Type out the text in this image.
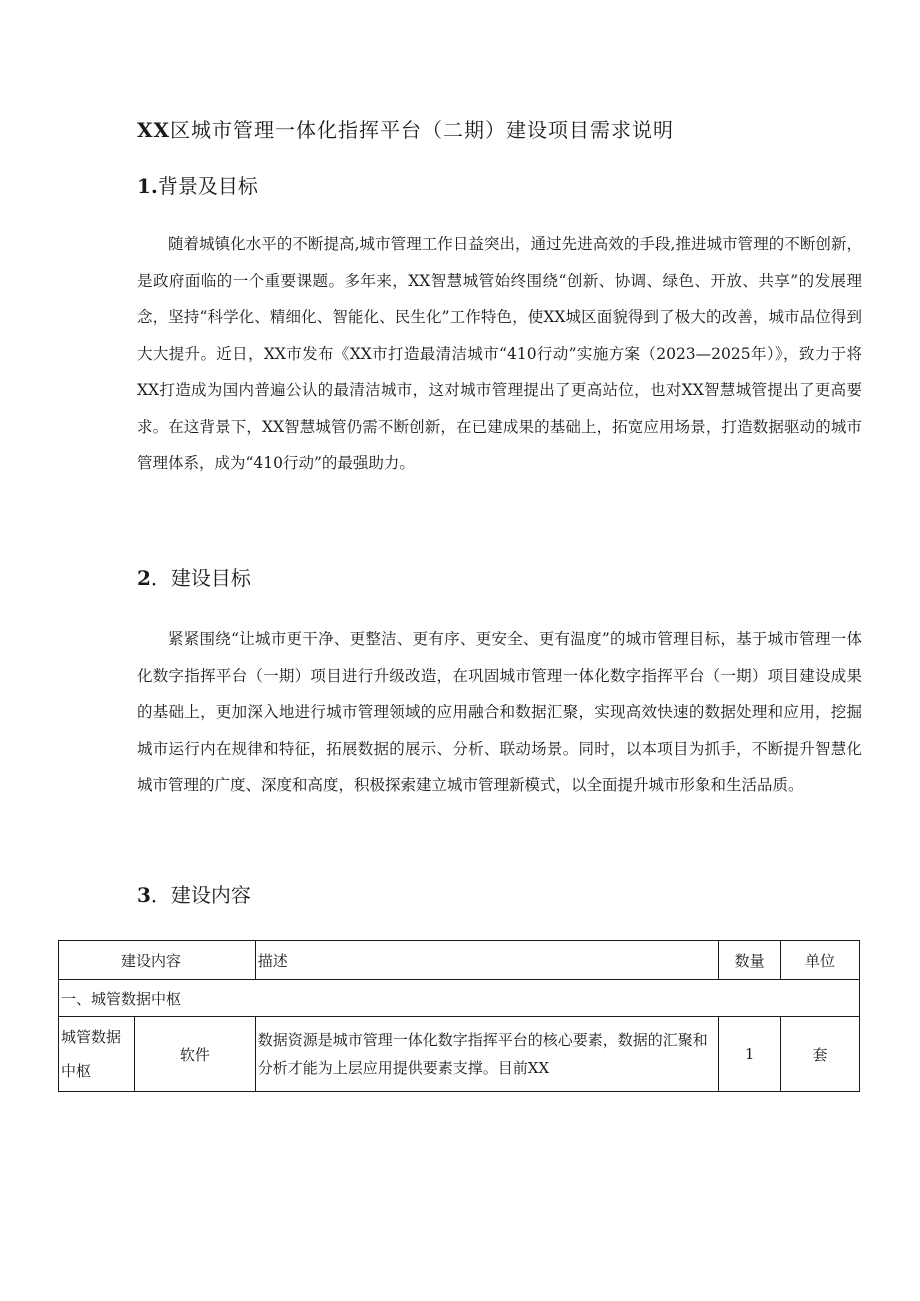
XX区城市管理一体化指挥平台（二期）建设项目需求说明
1.背景及目标

随着城镇化水平的不断提高,城市管理工作日益突出，通过先进高效的手段,推进城市管理的不断创新，是政府面临的一个重要课题。多年来，XX智慧城管始终围绕“创新、协调、绿色、开放、共享”的发展理念，坚持“科学化、精细化、智能化、民生化”工作特色，使XX城区面貌得到了极大的改善，城市品位得到大大提升。近日，XX市发布《XX市打造最清洁城市“410行动”实施方案（2023—2025年）》，致力于将XX打造成为国内普遍公认的最清洁城市，这对城市管理提出了更高站位，也对XX智慧城管提出了更高要求。在这背景下，XX智慧城管仍需不断创新，在已建成果的基础上，拓宽应用场景，打造数据驱动的城市管理体系，成为“410行动”的最强助力。

2．建设目标

紧紧围绕“让城市更干净、更整洁、更有序、更安全、更有温度”的城市管理目标，基于城市管理一体化数字指挥平台（一期）项目进行升级改造，在巩固城市管理一体化数字指挥平台（一期）项目建设成果的基础上，更加深入地进行城市管理领域的应用融合和数据汇聚，实现高效快速的数据处理和应用，挖掘城市运行内在规律和特征，拓展数据的展示、分析、联动场景。同时，以本项目为抓手，不断提升智慧化城市管理的广度、深度和高度，积极探索建立城市管理新模式，以全面提升城市形象和生活品质。

3．建设内容
建设内容		描述	数量	单位
一、城管数据中枢				
城管数据中枢	软件	数据资源是城市管理一体化数字指挥平台的核心要素，数据的汇聚和分析才能为上层应用提供要素支撑。目前XX	1	套
